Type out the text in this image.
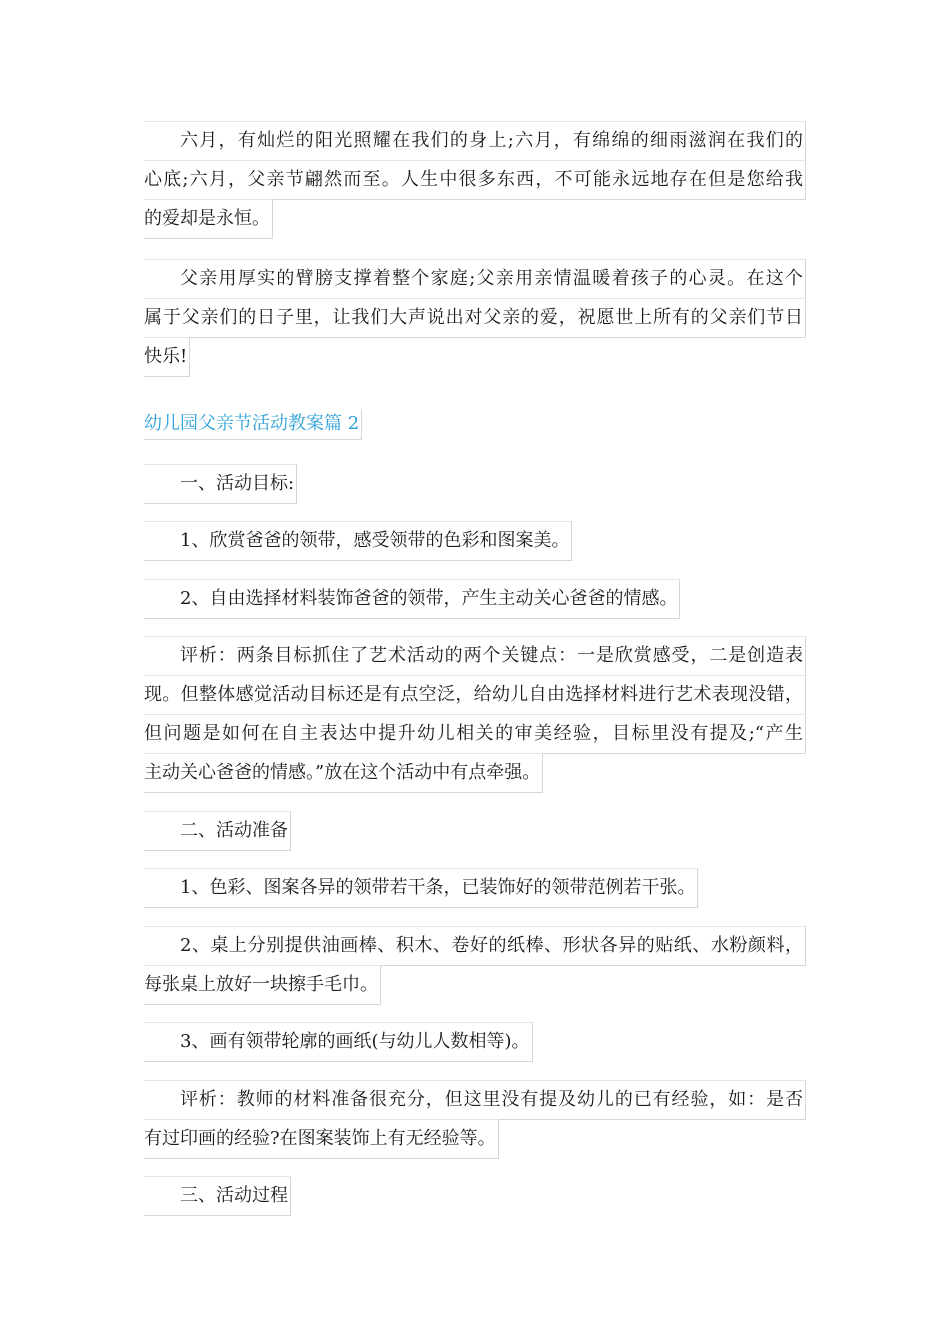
六月，有灿烂的阳光照耀在我们的身上;六月，有绵绵的细雨滋润在我们的
心底;六月，父亲节翩然而至。人生中很多东西，不可能永远地存在但是您给我
的爱却是永恒。
父亲用厚实的臂膀支撑着整个家庭;父亲用亲情温暖着孩子的心灵。在这个
属于父亲们的日子里，让我们大声说出对父亲的爱，祝愿世上所有的父亲们节日
快乐!
幼儿园父亲节活动教案篇 2
一、活动目标:
1、欣赏爸爸的领带，感受领带的色彩和图案美。
2、自由选择材料装饰爸爸的领带，产生主动关心爸爸的情感。
评析：两条目标抓住了艺术活动的两个关键点：一是欣赏感受，二是创造表
现。但整体感觉活动目标还是有点空泛，给幼儿自由选择材料进行艺术表现没错，
但问题是如何在自主表达中提升幼儿相关的审美经验，目标里没有提及;“产生
主动关心爸爸的情感。”放在这个活动中有点牵强。
二、活动准备
1、色彩、图案各异的领带若干条，已装饰好的领带范例若干张。
2、桌上分别提供油画棒、积木、卷好的纸棒、形状各异的贴纸、水粉颜料，
每张桌上放好一块擦手毛巾。
3、画有领带轮廓的画纸(与幼儿人数相等)。
评析：教师的材料准备很充分，但这里没有提及幼儿的已有经验，如：是否
有过印画的经验?在图案装饰上有无经验等。
三、活动过程
